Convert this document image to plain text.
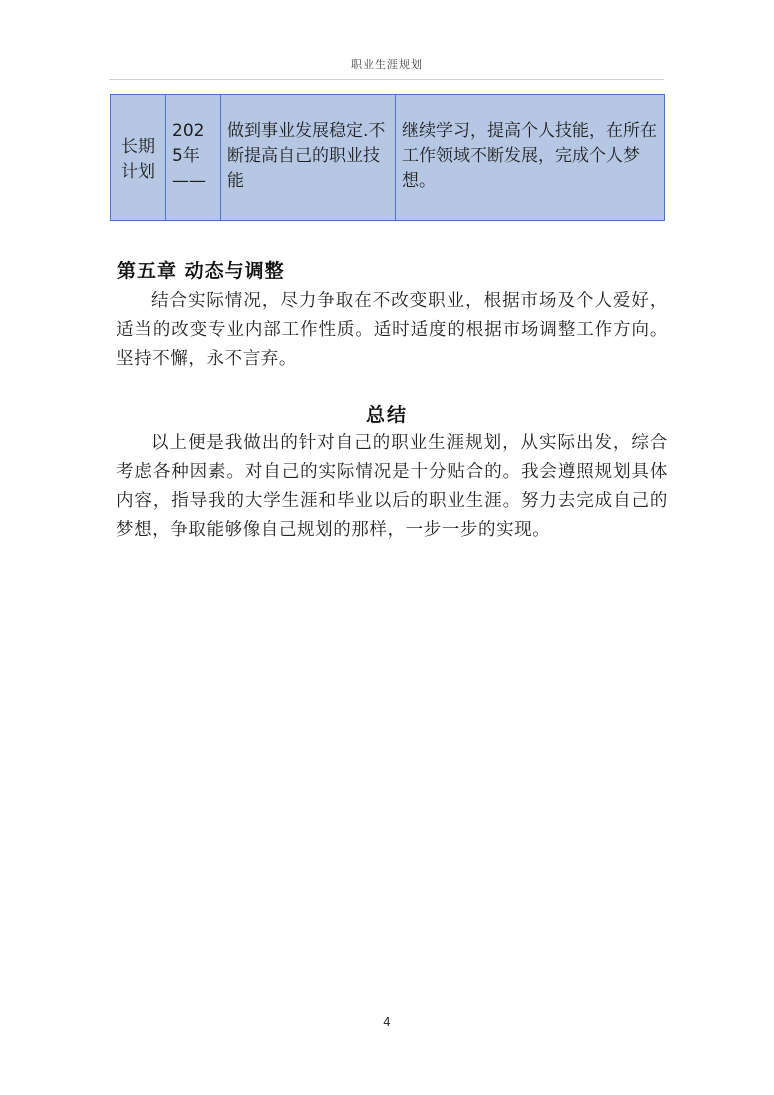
职业生涯规划
长期计划	2025年——	做到事业发展稳定.不断提高自己的职业技能	继续学习，提高个人技能，在所在工作领域不断发展，完成个人梦想。
第五章 动态与调整
结合实际情况，尽力争取在不改变职业，根据市场及个人爱好，适当的改变专业内部工作性质。适时适度的根据市场调整工作方向。坚持不懈，永不言弃。
总结
以上便是我做出的针对自己的职业生涯规划，从实际出发，综合考虑各种因素。对自己的实际情况是十分贴合的。我会遵照规划具体内容，指导我的大学生涯和毕业以后的职业生涯。努力去完成自己的梦想，争取能够像自己规划的那样，一步一步的实现。
4
